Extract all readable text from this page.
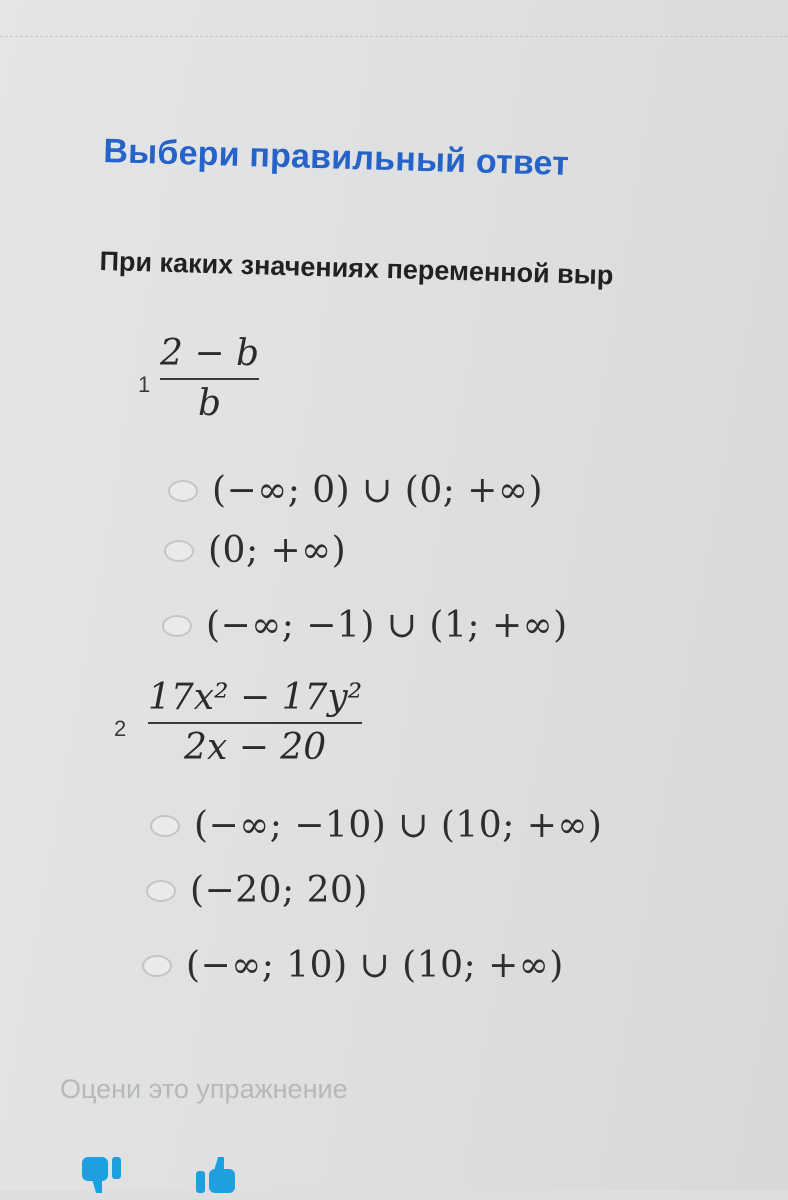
Выбери правильный ответ
При каких значениях переменной выр
1
2 − b
b
(−∞; 0) ∪ (0; +∞)
(0; +∞)
(−∞; −1) ∪ (1; +∞)
2
17x² − 17y²
2x − 20
(−∞; −10) ∪ (10; +∞)
(−20; 20)
(−∞; 10) ∪ (10; +∞)
Оцени это упражнение
